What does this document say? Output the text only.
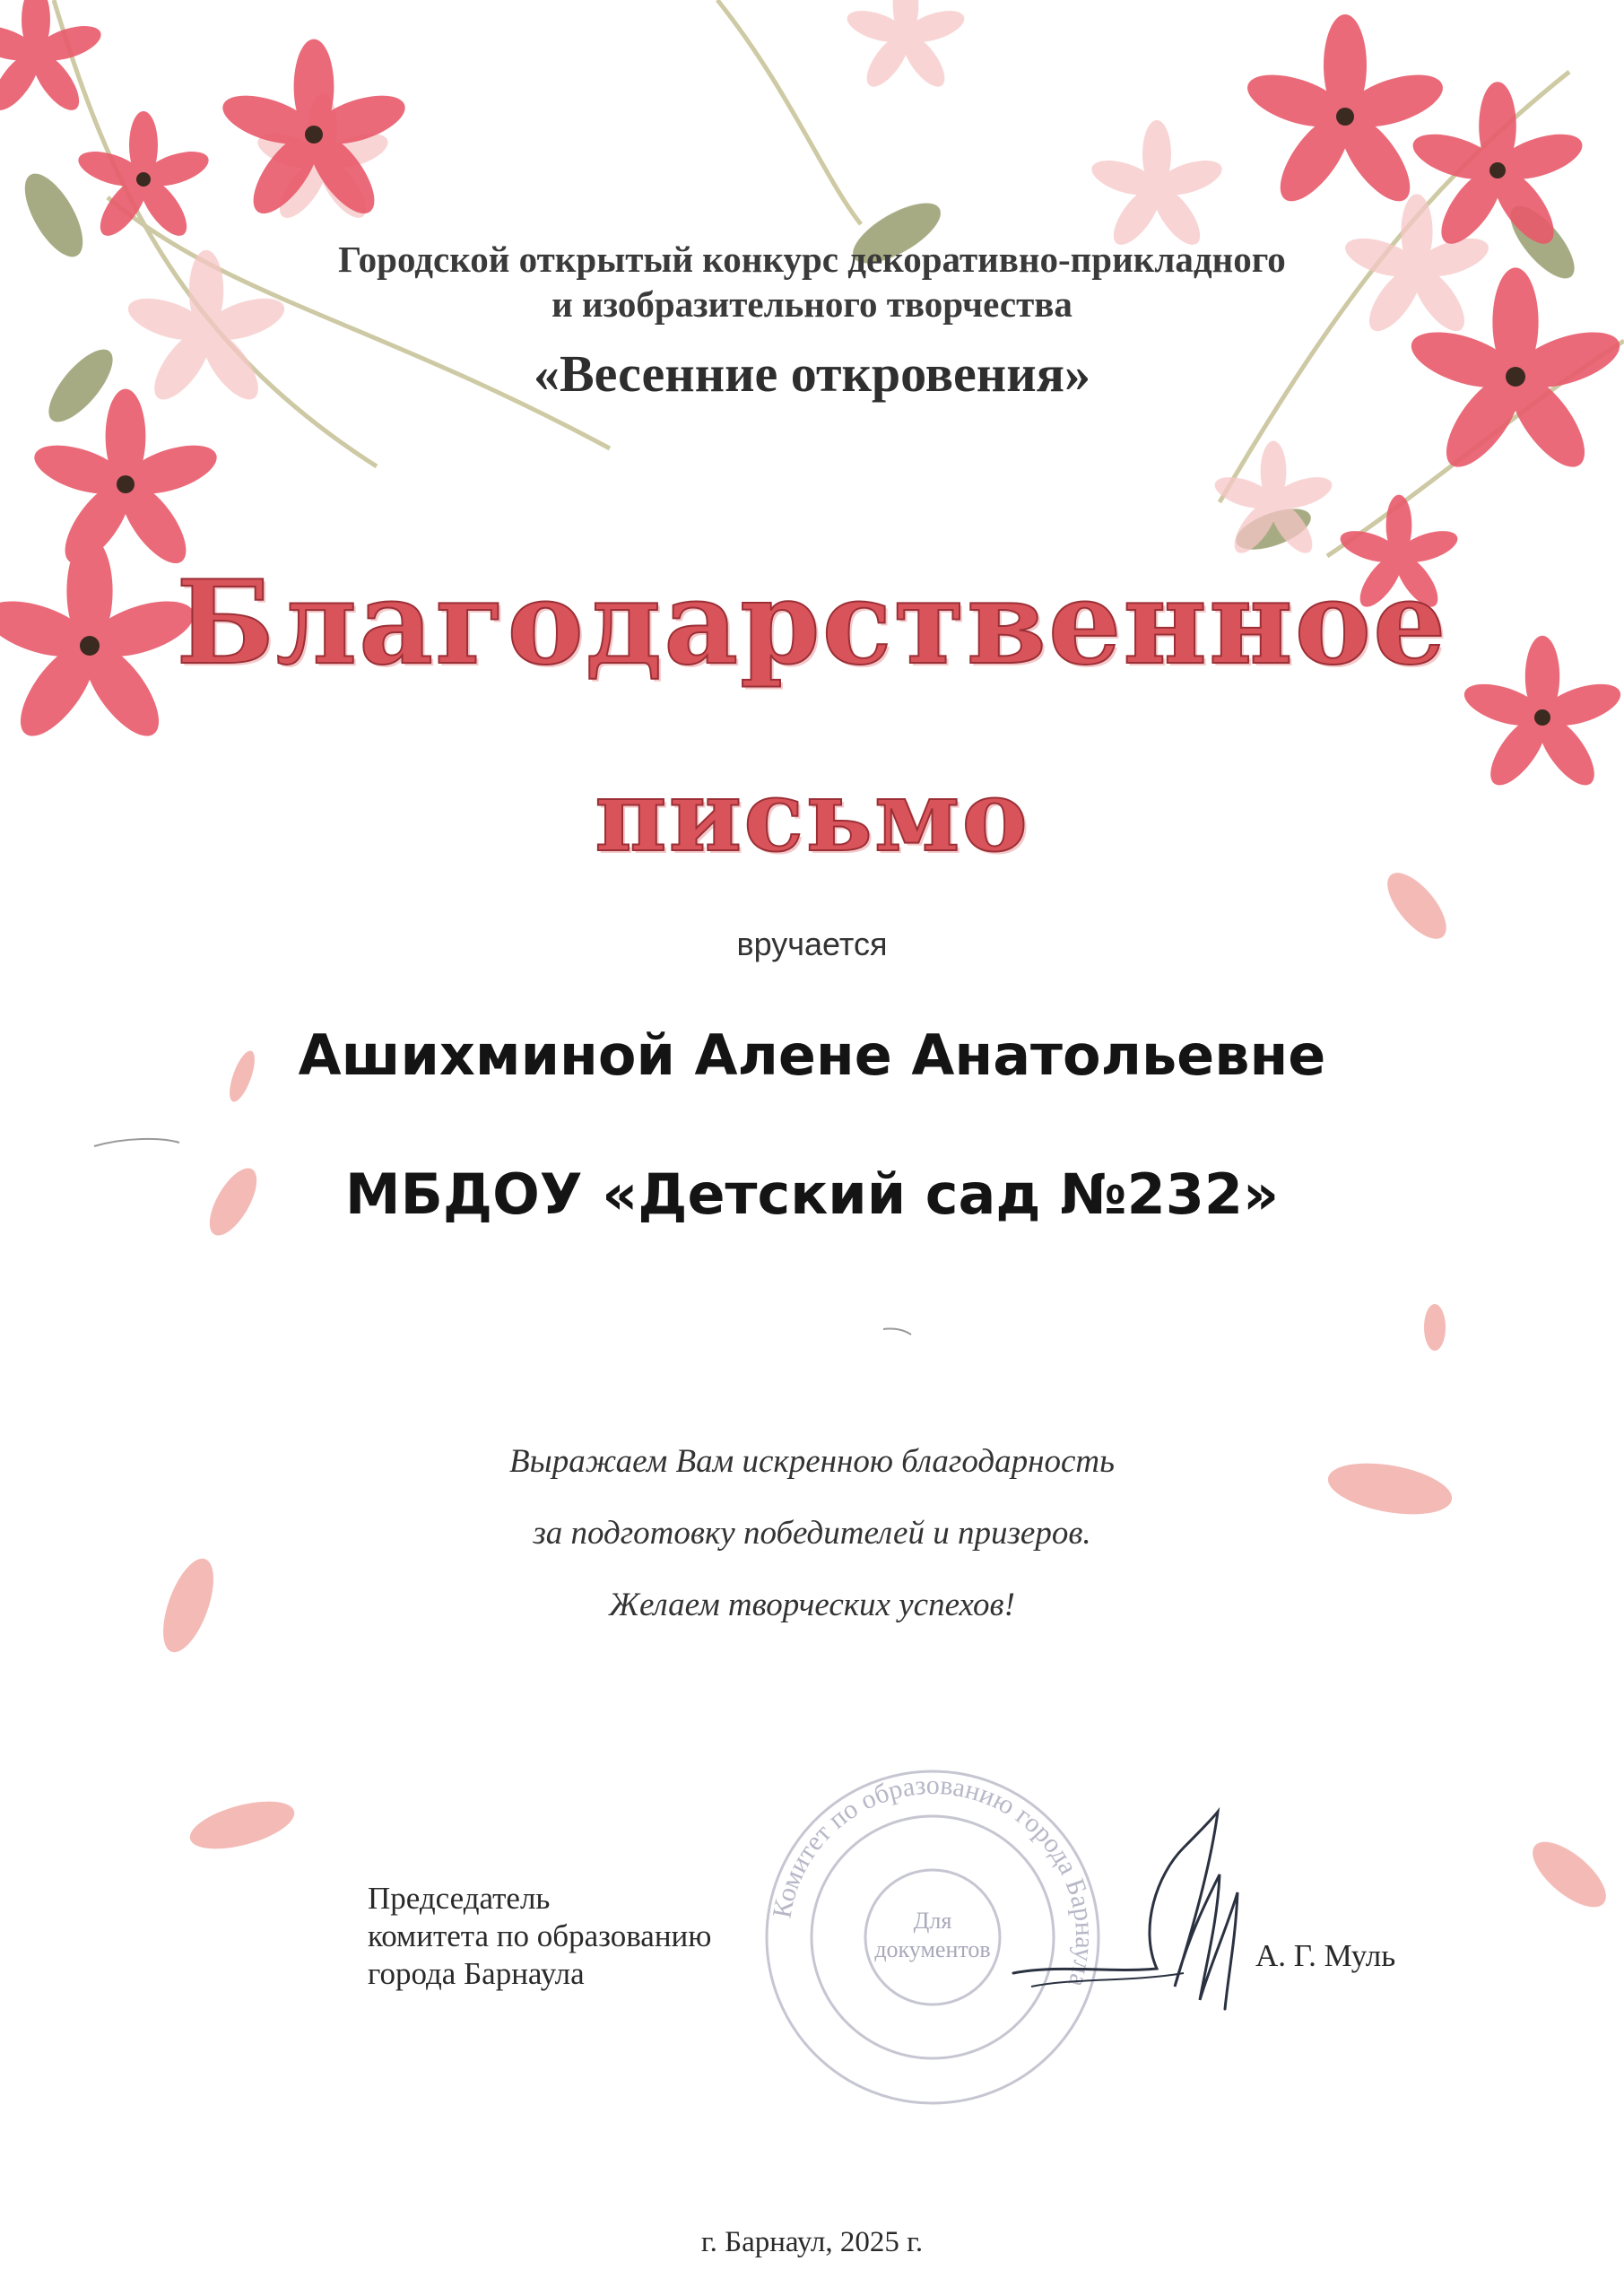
Городской открытый конкурс декоративно-прикладного
и изобразительного творчества
«Весенние откровения»
Благодарственное
письмо
вручается
Ашихминой Алене Анатольевне
МБДОУ «Детский сад №232»
Выражаем Вам искренною благодарность
за подготовку победителей и призеров.
Желаем творческих успехов!
Председатель
комитета по образованию
города Барнаула
Комитет по образованию города Барнаула
Для
документов	А. Г. Муль
г. Барнаул, 2025 г.
